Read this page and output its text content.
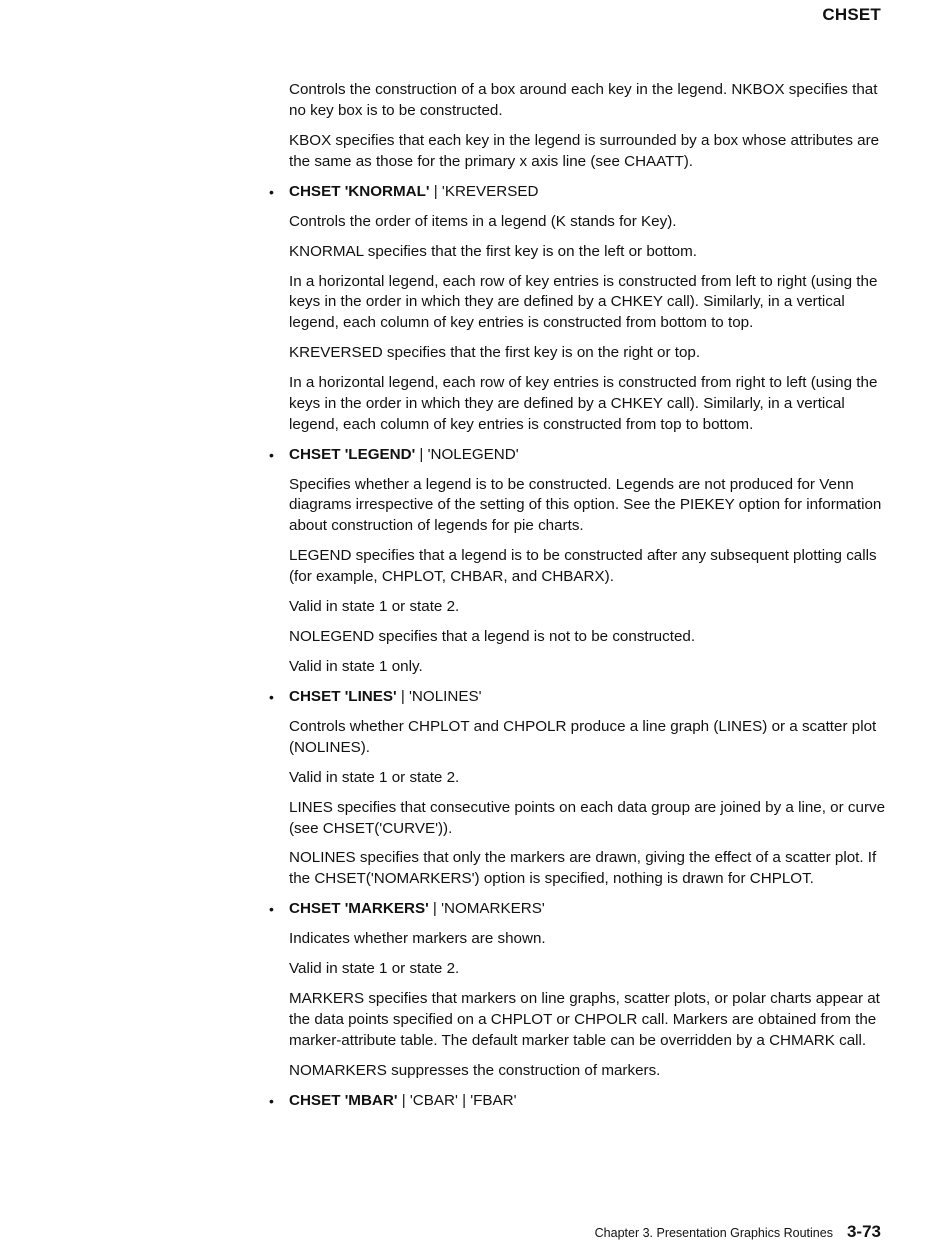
CHSET

Controls the construction of a box around each key in the legend. NKBOX specifies that no key box is to be constructed.

KBOX specifies that each key in the legend is surrounded by a box whose attributes are the same as those for the primary x axis line (see CHAATT).

• CHSET 'KNORMAL' | 'KREVERSED

Controls the order of items in a legend (K stands for Key).

KNORMAL specifies that the first key is on the left or bottom.

In a horizontal legend, each row of key entries is constructed from left to right (using the keys in the order in which they are defined by a CHKEY call). Similarly, in a vertical legend, each column of key entries is constructed from bottom to top.

KREVERSED specifies that the first key is on the right or top.

In a horizontal legend, each row of key entries is constructed from right to left (using the keys in the order in which they are defined by a CHKEY call). Similarly, in a vertical legend, each column of key entries is constructed from top to bottom.

• CHSET 'LEGEND' | 'NOLEGEND'

Specifies whether a legend is to be constructed. Legends are not produced for Venn diagrams irrespective of the setting of this option. See the PIEKEY option for information about construction of legends for pie charts.

LEGEND specifies that a legend is to be constructed after any subsequent plotting calls (for example, CHPLOT, CHBAR, and CHBARX).

Valid in state 1 or state 2.

NOLEGEND specifies that a legend is not to be constructed.

Valid in state 1 only.

• CHSET 'LINES' | 'NOLINES'

Controls whether CHPLOT and CHPOLR produce a line graph (LINES) or a scatter plot (NOLINES).

Valid in state 1 or state 2.

LINES specifies that consecutive points on each data group are joined by a line, or curve (see CHSET('CURVE')).

NOLINES specifies that only the markers are drawn, giving the effect of a scatter plot. If the CHSET('NOMARKERS') option is specified, nothing is drawn for CHPLOT.

• CHSET 'MARKERS' | 'NOMARKERS'

Indicates whether markers are shown.

Valid in state 1 or state 2.

MARKERS specifies that markers on line graphs, scatter plots, or polar charts appear at the data points specified on a CHPLOT or CHPOLR call. Markers are obtained from the marker-attribute table. The default marker table can be overridden by a CHMARK call.

NOMARKERS suppresses the construction of markers.

• CHSET 'MBAR' | 'CBAR' | 'FBAR'
Chapter 3. Presentation Graphics Routines 3-73
